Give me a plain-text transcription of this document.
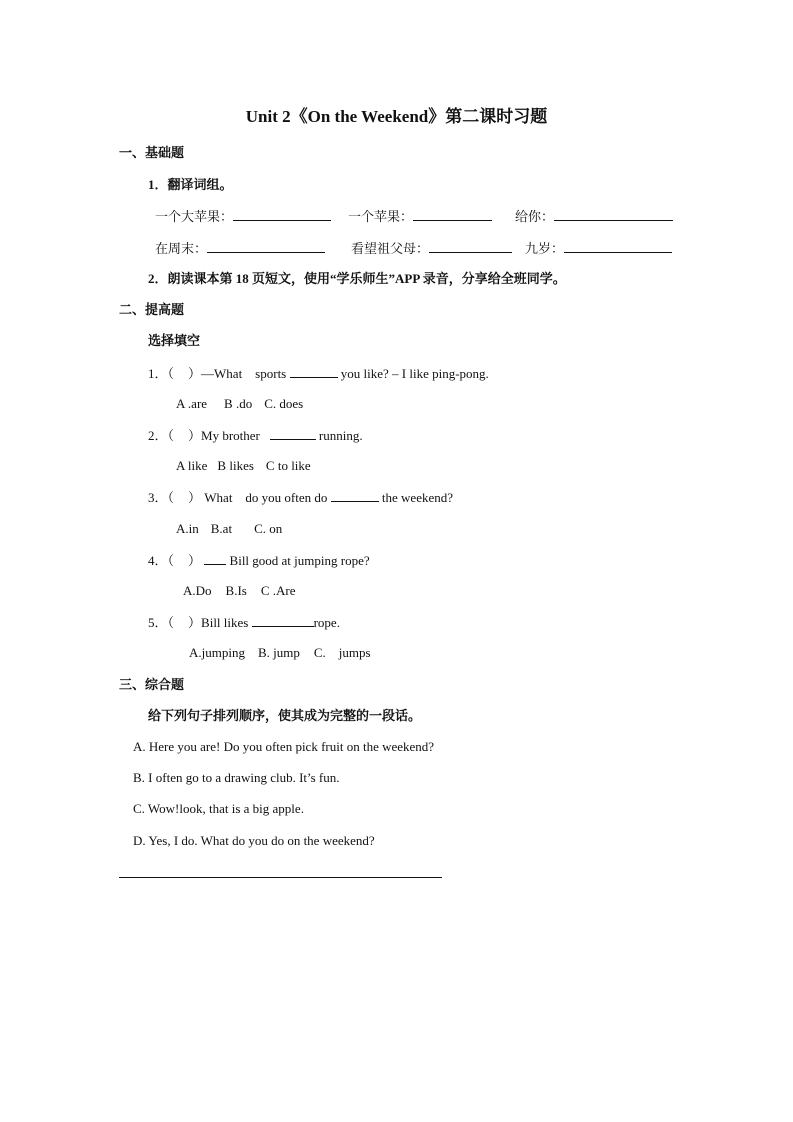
Unit 2《On the Weekend》第二课时习题
一、基础题
1．翻译词组。
一个大苹果：	一个苹果：	给你：
在周末：	看望祖父母：	九岁：
2．朗读课本第 18 页短文，使用“学乐师生”APP 录音，分享给全班同学。
二、提高题
选择填空
1．（ ）—What　sports	you like? – I like ping-pong.
A .are B .do C. does
2．（ ）My brother	running.
A like B likes C to like
3．（ ） What　do you often do	the weekend?
A.in B.at C. on
4．（ ） Bill good at jumping rope?
A.Do B.Is C .Are
5．（ ）Bill likes	rope.
A.jumping B. jump C.　jumps
三、综合题
给下列句子排列顺序，使其成为完整的一段话。
A. Here you are! Do you often pick fruit on the weekend?
B. I often go to a drawing club. It’s fun.
C. Wow!look, that is a big apple.
D. Yes, I do. What do you do on the weekend?
